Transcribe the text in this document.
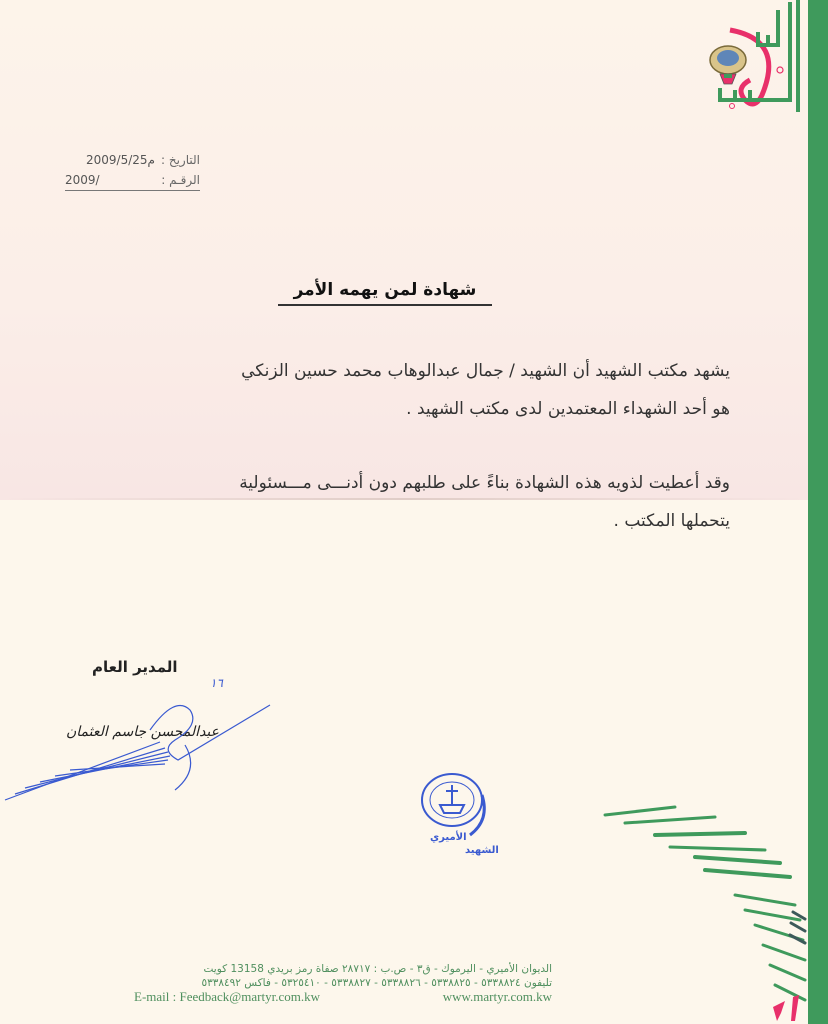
التاريخ :
2009/5/25م
الرقـم :
2009/
شهادة لمن يهمه الأمر
يشهد مكتب الشهيد أن الشهيد / جمال عبدالوهاب محمد حسين الزنكي
هو أحد الشهداء المعتمدين لدى مكتب الشهيد .
وقد أعطيت لذويه هذه الشهادة بناءً على طلبهم دون أدنـــى مـــسئولية
يتحملها المكتب .
المدير العام
١٦
عبدالمحسن جاسم العثمان
الأميري
الشهيد
الديوان الأميري - اليرموك - ق٣ - ص.ب : ٢٨٧١٧ صفاة رمز بريدي 13158 كويت
تليفون ٥٣٣٨٨٢٤ - ٥٣٣٨٨٢٥ - ٥٣٣٨٨٢٦ - ٥٣٣٨٨٢٧ - ٥٣٢٥٤١٠ - فاكس ٥٣٣٨٤٩٢
E-mail : Feedback@martyr.com.kw	www.martyr.com.kw
